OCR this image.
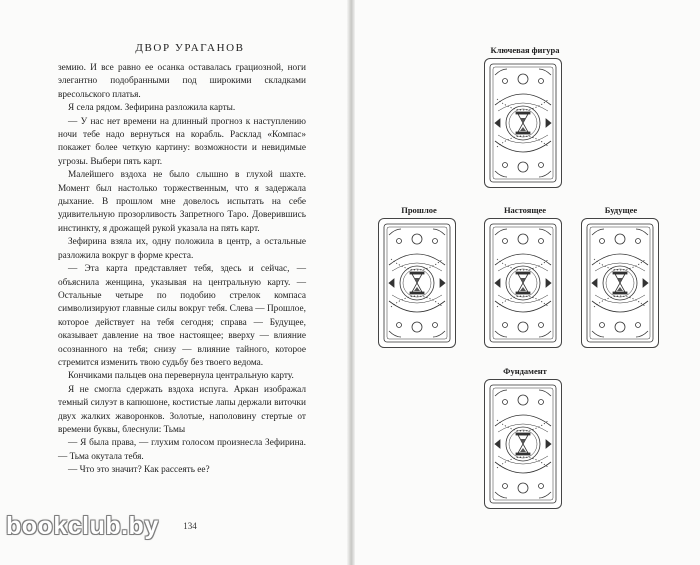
ДВОР УРАГАНОВ

земию. И все равно ее осанка оставалась грациозной, ноги элегантно подобранными под широкими складками вресольского платья.

Я села рядом. Зефирина разложила карты.

— У нас нет времени на длинный прогноз к наступлению ночи тебе надо вернуться на корабль. Расклад «Компас» покажет более четкую картину: возможности и невидимые угрозы. Выбери пять карт.

Малейшего вздоха не было слышно в глухой шахте. Момент был настолько торжественным, что я задержала дыхание. В прошлом мне довелось испытать на себе удивительную прозорливость Запретного Таро. Доверившись инстинкту, я дрожащей рукой указала на пять карт.

Зефирина взяла их, одну положила в центр, а остальные разложила вокруг в форме креста.

— Эта карта представляет тебя, здесь и сейчас, — объяснила женщина, указывая на центральную карту. — Остальные четыре по подобию стрелок компаса символизируют главные силы вокруг тебя. Слева — Прошлое, которое действует на тебя сегодня; справа — Будущее, оказывает давление на твое настоящее; вверху — влияние осознанного на тебя; снизу — влияние тайного, которое стремится изменить твою судьбу без твоего ведома.

Кончиками пальцев она перевернула центральную карту.

Я не смогла сдержать вздоха испуга. Аркан изображал темный силуэт в капюшоне, костистые лапы держали виточки двух жалких жаворонков. Золотые, наполовину стертые от времени буквы, блеснули: Тьмы

— Я была права, — глухим голосом произнесла Зефирина. — Тьма окутала тебя.

— Что это значит? Как рассеять ее?

134
Ключевая фигура
Прошлое	Настоящее	Будущее
Фундамент
bookclub.by
